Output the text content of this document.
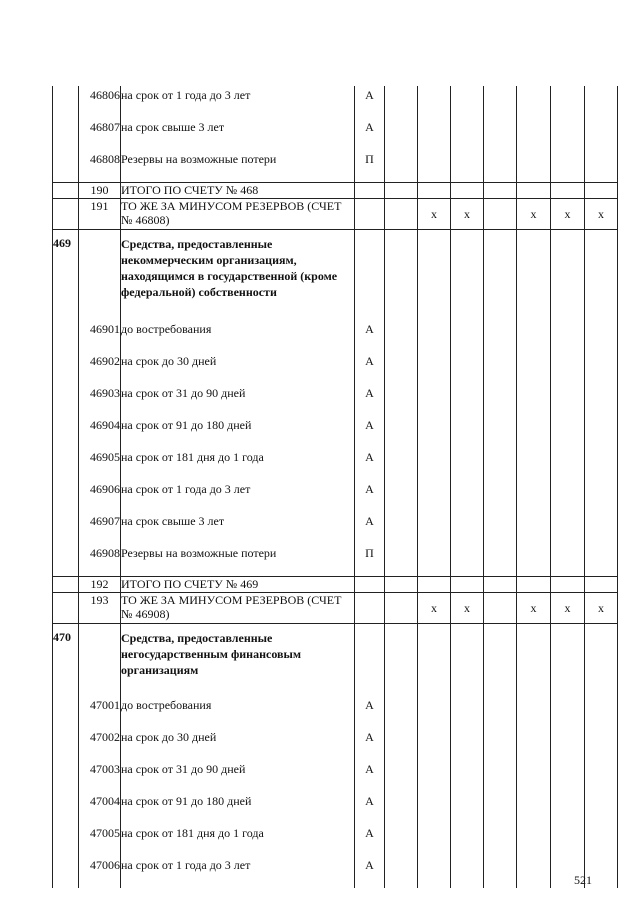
	46806	на срок от 1 года до 3 лет	А							
	46807	на срок свыше 3 лет	А							
	46808	Резервы на возможные потери	П							
	190	ИТОГО ПО СЧЕТУ № 468								
	191	ТО ЖЕ ЗА МИНУСОМ РЕЗЕРВОВ (СЧЕТ № 46808)			x	x		x	x	x
469		Средства, предоставленные некоммерческим организациям, находящимся в государственной (кроме федеральной) собственности								
	46901	до востребования	А							
	46902	на срок до 30 дней	А							
	46903	на срок от 31 до 90 дней	А							
	46904	на срок от 91 до 180 дней	А							
	46905	на срок от 181 дня до 1 года	А							
	46906	на срок от 1 года до 3 лет	А							
	46907	на срок свыше 3 лет	А							
	46908	Резервы на возможные потери	П							
	192	ИТОГО ПО СЧЕТУ № 469								
	193	ТО ЖЕ ЗА МИНУСОМ РЕЗЕРВОВ (СЧЕТ № 46908)			x	x		x	x	x
470		Средства, предоставленные негосударственным финансовым организациям								
	47001	до востребования	А							
	47002	на срок до 30 дней	А							
	47003	на срок от 31 до 90 дней	А							
	47004	на срок от 91 до 180 дней	А							
	47005	на срок от 181 дня до 1 года	А							
	47006	на срок от 1 года до 3 лет	А							
521
